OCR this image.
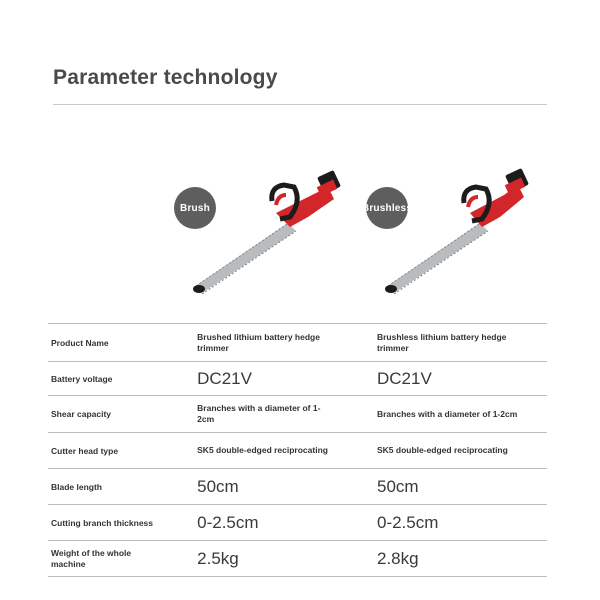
Parameter technology
Brush	Brushless
Product Name	Brushed lithium battery hedge trimmer	Brushless lithium battery hedge trimmer

Battery voltage	DC21V	DC21V

Shear capacity	Branches with a diameter of 1-2cm	Branches with a diameter of 1-2cm

Cutter head type	SK5 double-edged reciprocating	SK5 double-edged reciprocating

Blade length	50cm	50cm

Cutting branch thickness	0-2.5cm	0-2.5cm

Weight of the whole machine	2.5kg	2.8kg
